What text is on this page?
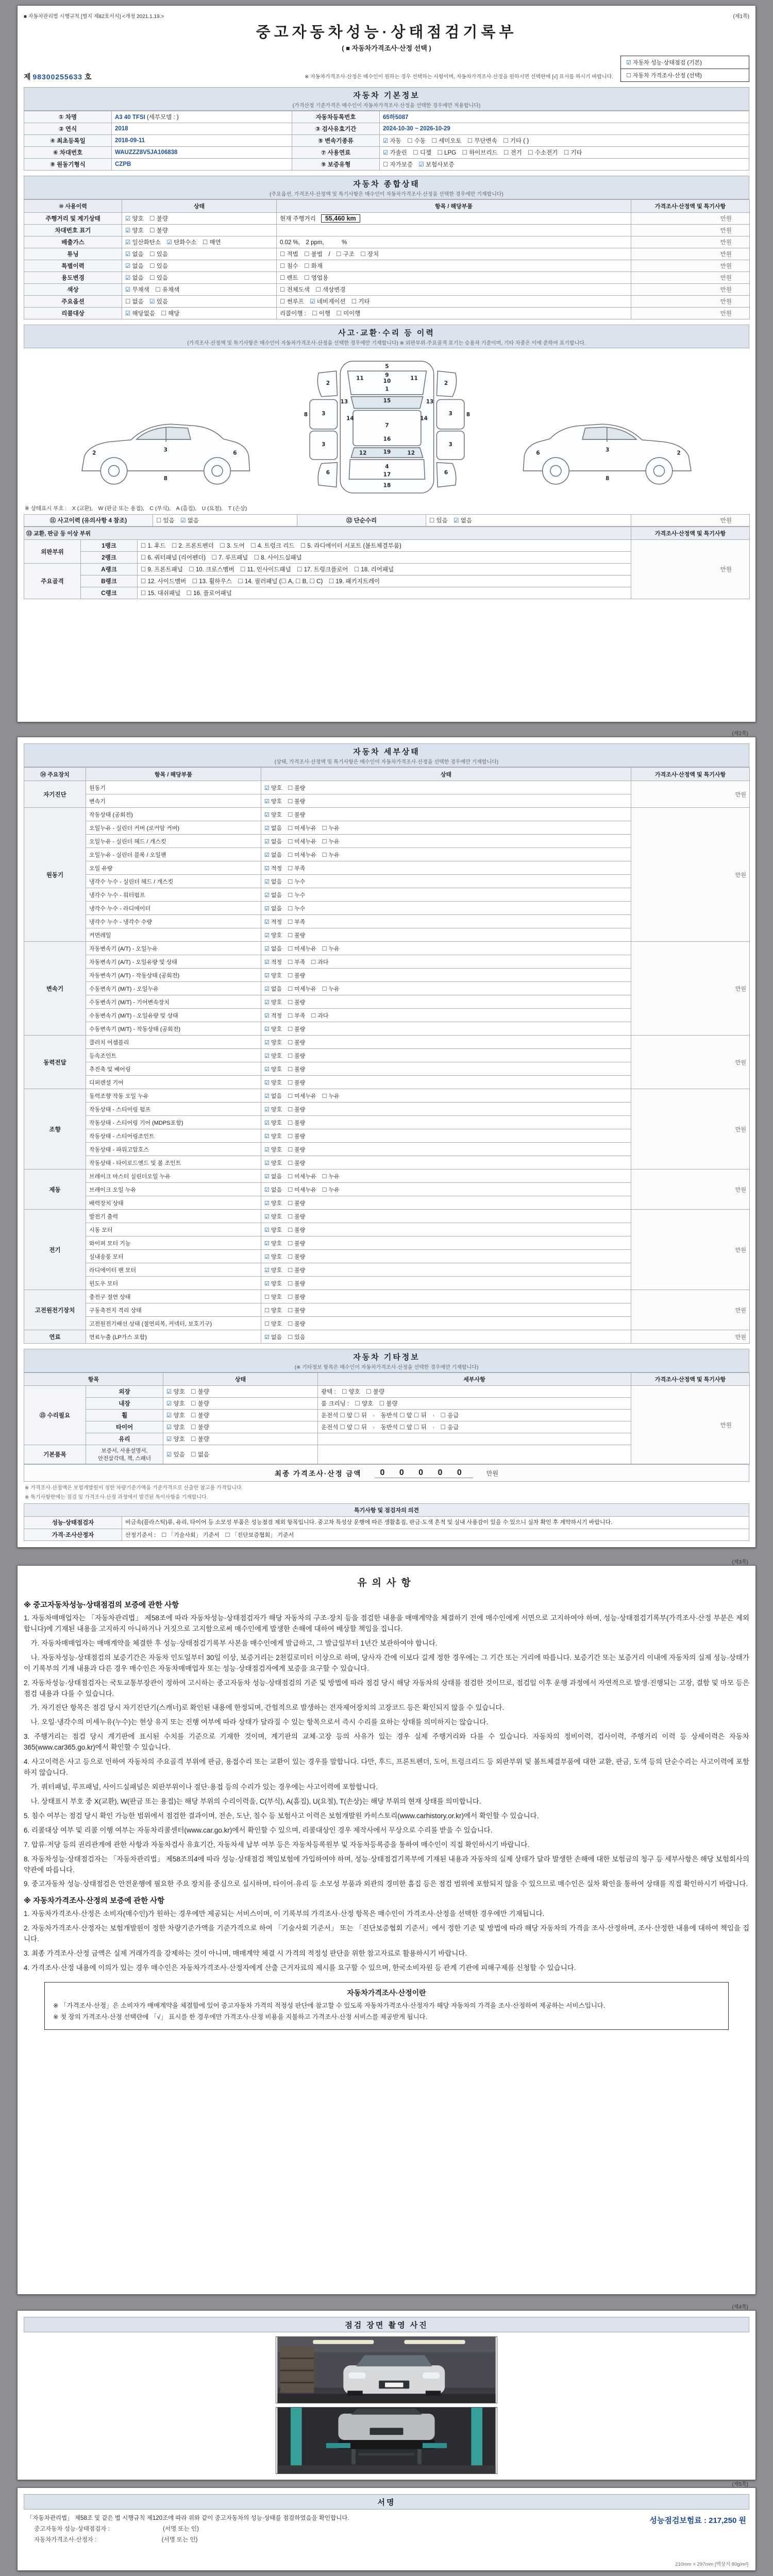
■ 자동차관리법 시행규칙 [별지 제82호서식] <개정 2021.1.19.>	(제1쪽)
중고자동차성능·상태점검기록부
( ■ 자동차가격조사·산정 선택 )
제 98300255633 호	※ 자동차가격조사·산정은 매수인이 원하는 경우 선택하는 사항이며, 자동차가격조사·산정을 원하시면 선택란에 [√] 표시를 하시기 바랍니다.
☑ 자동차 성능·상태점검 (기본)
☐ 자동차 가격조사·산정 (선택)
자동차 기본정보
(가격산정 기준가격은 매수인이 자동차가격조사·산정을 선택한 경우에만 적용합니다)
① 차명	A3 40 TFSI (세부모델 : )	자동차등록번호	65하5087
② 연식	2018	③ 검사유효기간	2024-10-30 ~ 2026-10-29
④ 최초등록일	2018-09-11	⑤ 변속기종류	☑ 자동　☐ 수동　☐ 세미오토　☐ 무단변속　☐ 기타 ( )
⑥ 차대번호	WAUZZZ8V5JA106838	⑦ 사용연료	☑ 가솔린　☐ 디젤　☐ LPG　☐ 하이브리드　☐ 전기　☐ 수소전기　☐ 기타
⑧ 원동기형식	CZPB	⑨ 보증유형	☐ 자가보증　☑ 보험사보증
자동차 종합상태
(주요옵션, 가격조사·산정액 및 특기사항은 매수인이 자동차가격조사·산정을 선택한 경우에만 기재합니다)
⑩ 사용이력	상태	항목 / 해당부품	가격조사·산정액 및 특기사항
주행거리 및 계기상태	☑ 양호　☐ 불량	현재 주행거리 55,460 km	만원
차대번호 표기	☑ 양호　☐ 불량		만원
배출가스	☑ 일산화탄소　☑ 탄화수소　☐ 매연	0.02 %,　2 ppm,　　　%	만원
튜닝	☑ 없음　☐ 있음	☐ 적법　☐ 불법　/　☐ 구조　☐ 장치	만원
특별이력	☑ 없음　☐ 있음	☐ 침수　☐ 화재	만원
용도변경	☑ 없음　☐ 있음	☐ 렌트　☐ 영업용	만원
색상	☑ 무채색　☐ 유채색	☐ 전체도색　☐ 색상변경	만원
주요옵션	☐ 없음　☑ 있음	☐ 썬루프　☑ 네비게이션　☐ 기타	만원
리콜대상	☑ 해당없음　☐ 해당	리콜이행 :　☐ 이행　☐ 미이행	만원
사고·교환·수리 등 이력
(가격조사·산정액 및 특기사항은 매수인이 자동차가격조사·산정을 선택한 경우에만 기재합니다) ※ 외판부위·주요골격 표기는 승용차 기준이며, 기타 차종은 이에 준하여 표기합니다.
2	3	6
8
2
3
6
8
5
9
10
11	11
1
2	2
13	13
15
3	3
3	3
14	14
8	8
7
16
12	12
19
6	6
4
17
18
※ 상태표시 부호 :　X (교환),　W (판금 또는 용접),　C (부식),　A (흠집),　U (요철),　T (손상)
⑪ 사고이력 (유의사항 4 참조)	☐ 있음　☑ 없음	⑫ 단순수리	☐ 있음　☑ 없음	만원
⑬ 교환, 판금 등 이상 부위			가격조사·산정액 및 특기사항
외판부위	1랭크	☐ 1. 후드　☐ 2. 프론트펜더　☐ 3. 도어　☐ 4. 트렁크 리드　☐ 5. 라디에이터 서포트 (볼트체결부품)	만원
	2랭크	☐ 6. 쿼터패널 (리어펜더)　☐ 7. 루프패널　☐ 8. 사이드실패널	
주요골격	A랭크	☐ 9. 프론트패널　☐ 10. 크로스멤버　☐ 11. 인사이드패널　☐ 17. 트렁크플로어　☐ 18. 리어패널	
	B랭크	☐ 12. 사이드멤버　☐ 13. 휠하우스　☐ 14. 필러패널 (☐ A, ☐ B, ☐ C)　☐ 19. 패키지트레이	
	C랭크	☐ 15. 대쉬패널　☐ 16. 플로어패널	
(제2쪽)
자동차 세부상태
(상태, 가격조사·산정액 및 특기사항은 매수인이 자동차가격조사·산정을 선택한 경우에만 기재합니다)
⑭ 주요장치	항목 / 해당부품	상태	가격조사·산정액 및 특기사항
자기진단	원동기	☑ 양호　☐ 불량	만원
	변속기	☑ 양호　☐ 불량	
원동기	작동상태 (공회전)	☑ 양호　☐ 불량	만원
	오일누유 - 실린더 커버 (로커암 커버)	☑ 없음　☐ 미세누유　☐ 누유	
	오일누유 - 실린더 헤드 / 개스킷	☑ 없음　☐ 미세누유　☐ 누유	
	오일누유 - 실린더 블록 / 오일팬	☑ 없음　☐ 미세누유　☐ 누유	
	오일 유량	☑ 적정　☐ 부족	
	냉각수 누수 - 실린더 헤드 / 개스킷	☑ 없음　☐ 누수	
	냉각수 누수 - 워터펌프	☑ 없음　☐ 누수	
	냉각수 누수 - 라디에이터	☑ 없음　☐ 누수	
	냉각수 누수 - 냉각수 수량	☑ 적정　☐ 부족	
	커먼레일	☑ 양호　☐ 불량	
변속기	자동변속기 (A/T) - 오일누유	☑ 없음　☐ 미세누유　☐ 누유	만원
	자동변속기 (A/T) - 오일유량 및 상태	☑ 적정　☐ 부족　☐ 과다	
	자동변속기 (A/T) - 작동상태 (공회전)	☑ 양호　☐ 불량	
	수동변속기 (M/T) - 오일누유	☑ 없음　☐ 미세누유　☐ 누유	
	수동변속기 (M/T) - 기어변속장치	☑ 양호　☐ 불량	
	수동변속기 (M/T) - 오일유량 및 상태	☑ 적정　☐ 부족　☐ 과다	
	수동변속기 (M/T) - 작동상태 (공회전)	☑ 양호　☐ 불량	
동력전달	클러치 어셈블리	☑ 양호　☐ 불량	만원
	등속조인트	☑ 양호　☐ 불량	
	추진축 및 베어링	☑ 양호　☐ 불량	
	디퍼렌셜 기어	☑ 양호　☐ 불량	
조향	동력조향 작동 오일 누유	☑ 없음　☐ 미세누유　☐ 누유	만원
	작동상태 - 스티어링 펌프	☑ 양호　☐ 불량	
	작동상태 - 스티어링 기어 (MDPS포함)	☑ 양호　☐ 불량	
	작동상태 - 스티어링조인트	☑ 양호　☐ 불량	
	작동상태 - 파워고압호스	☑ 양호　☐ 불량	
	작동상태 - 타이로드엔드 및 볼 조인트	☑ 양호　☐ 불량	
제동	브레이크 마스터 실린더오일 누유	☑ 없음　☐ 미세누유　☐ 누유	만원
	브레이크 오일 누유	☑ 없음　☐ 미세누유　☐ 누유	
	배력장치 상태	☑ 양호　☐ 불량	
전기	발전기 출력	☑ 양호　☐ 불량	만원
	시동 모터	☑ 양호　☐ 불량	
	와이퍼 모터 기능	☑ 양호　☐ 불량	
	실내송풍 모터	☑ 양호　☐ 불량	
	라디에이터 팬 모터	☑ 양호　☐ 불량	
	윈도우 모터	☑ 양호　☐ 불량	
고전원전기장치	충전구 절연 상태	☐ 양호　☐ 불량	만원
	구동축전지 격리 상태	☐ 양호　☐ 불량	
	고전원전기배선 상태 (절연피복, 커넥터, 보호기구)	☐ 양호　☐ 불량	
연료	연료누출 (LP가스 포함)	☑ 없음　☐ 있음	만원
자동차 기타정보
(※ 기타정보 항목은 매수인이 자동차가격조사·산정을 선택한 경우에만 기재합니다)
항목		상태	세부사항	가격조사·산정액 및 특기사항
⑮ 수리필요	외장	☑ 양호　☐ 불량	광택 :　☐ 양호　☐ 불량	만원
	내장	☑ 양호　☐ 불량	룸 크리닝 :　☐ 양호　☐ 불량	
	휠	☑ 양호　☐ 불량	운전석 ☐ 앞 ☐ 뒤　·　동반석 ☐ 앞 ☐ 뒤　·　☐ 응급	
	타이어	☑ 양호　☐ 불량	운전석 ☐ 앞 ☐ 뒤　·　동반석 ☐ 앞 ☐ 뒤　·　☐ 응급	
	유리	☑ 양호　☐ 불량		
기본품목	보증서, 사용설명서, 안전삼각대, 잭, 스패너	☑ 있음　☐ 없음		
최종 가격조사·산정 금액	0 0 0 0 0	만원
※ 가격조사·산정액은 보험개발원이 정한 차량기준가액을 기준가격으로 산출한 참고용 가격입니다.
※ 특기사항란에는 점검 및 가격조사·산정 과정에서 발견된 특이사항을 기재합니다.
특기사항 및 점검자의 의견	
성능·상태점검자	비금속(플라스틱)류, 유리, 타이어 등 소모성 부품은 성능점검 제외 항목입니다. 중고차 특성상 운행에 따른 생활흠집, 판금·도색 흔적 및 실내 사용감이 있을 수 있으니 실차 확인 후 계약하시기 바랍니다.
가격·조사산정자	산정기준서 :　☐ 「기술사회」 기준서　☐ 「진단보증협회」 기준서
(제3쪽)
유의사항
※ 중고자동차성능·상태점검의 보증에 관한 사항
1. 자동차매매업자는 「자동차관리법」 제58조에 따라 자동차성능·상태점검자가 해당 자동차의 구조·장치 등을 점검한 내용을 매매계약을 체결하기 전에 매수인에게 서면으로 고지하여야 하며, 성능·상태점검기록부(가격조사·산정 부분은 제외합니다)에 기재된 내용을 고지하지 아니하거나 거짓으로 고지함으로써 매수인에게 발생한 손해에 대하여 배상할 책임을 집니다.
　가. 자동차매매업자는 매매계약을 체결한 후 성능·상태점검기록부 사본을 매수인에게 발급하고, 그 발급일부터 1년간 보관하여야 합니다.
　나. 자동차성능·상태점검의 보증기간은 자동차 인도일부터 30일 이상, 보증거리는 2천킬로미터 이상으로 하며, 당사자 간에 이보다 길게 정한 경우에는 그 기간 또는 거리에 따릅니다. 보증기간 또는 보증거리 이내에 자동차의 실제 성능·상태가 이 기록부의 기재 내용과 다른 경우 매수인은 자동차매매업자 또는 성능·상태점검자에게 보증을 요구할 수 있습니다.
2. 자동차성능·상태점검자는 국토교통부장관이 정하여 고시하는 중고자동차 성능·상태점검의 기준 및 방법에 따라 점검 당시 해당 자동차의 상태를 점검한 것이므로, 점검일 이후 운행 과정에서 자연적으로 발생·진행되는 고장, 결함 및 마모 등은 점검 내용과 다를 수 있습니다.
　가. 자기진단 항목은 점검 당시 자기진단기(스캐너)로 확인된 내용에 한정되며, 간헐적으로 발생하는 전자제어장치의 고장코드 등은 확인되지 않을 수 있습니다.
　나. 오일·냉각수의 미세누유(누수)는 현상 유지 또는 진행 여부에 따라 상태가 달라질 수 있는 항목으로서 즉시 수리를 요하는 상태를 의미하지는 않습니다.
3. 주행거리는 점검 당시 계기판에 표시된 수치를 기준으로 기재한 것이며, 계기판의 교체·고장 등의 사유가 있는 경우 실제 주행거리와 다를 수 있습니다. 자동차의 정비이력, 검사이력, 주행거리 이력 등 상세이력은 자동차365(www.car365.go.kr)에서 확인할 수 있습니다.
4. 사고이력은 사고 등으로 인하여 자동차의 주요골격 부위에 판금, 용접수리 또는 교환이 있는 경우를 말합니다. 다만, 후드, 프론트펜더, 도어, 트렁크리드 등 외판부위 및 볼트체결부품에 대한 교환, 판금, 도색 등의 단순수리는 사고이력에 포함하지 않습니다.
　가. 쿼터패널, 루프패널, 사이드실패널은 외판부위이나 절단·용접 등의 수리가 있는 경우에는 사고이력에 포함합니다.
　나. 상태표시 부호 중 X(교환), W(판금 또는 용접)는 해당 부위의 수리이력을, C(부식), A(흠집), U(요철), T(손상)는 해당 부위의 현재 상태를 의미합니다.
5. 침수 여부는 점검 당시 확인 가능한 범위에서 점검한 결과이며, 전손, 도난, 침수 등 보험사고 이력은 보험개발원 카히스토리(www.carhistory.or.kr)에서 확인할 수 있습니다.
6. 리콜대상 여부 및 리콜 이행 여부는 자동차리콜센터(www.car.go.kr)에서 확인할 수 있으며, 리콜대상인 경우 제작사에서 무상으로 수리를 받을 수 있습니다.
7. 압류·저당 등의 권리관계에 관한 사항과 자동차검사 유효기간, 자동차세 납부 여부 등은 자동차등록원부 및 자동차등록증을 통하여 매수인이 직접 확인하시기 바랍니다.
8. 자동차성능·상태점검자는 「자동차관리법」 제58조의4에 따라 성능·상태점검 책임보험에 가입하여야 하며, 성능·상태점검기록부에 기재된 내용과 자동차의 실제 상태가 달라 발생한 손해에 대한 보험금의 청구 등 세부사항은 해당 보험회사의 약관에 따릅니다.
9. 중고자동차 성능·상태점검은 안전운행에 필요한 주요 장치를 중심으로 실시하며, 타이어·유리 등 소모성 부품과 외관의 경미한 흠집 등은 점검 범위에 포함되지 않을 수 있으므로 매수인은 실차 확인을 통하여 상태를 직접 확인하시기 바랍니다.
※ 자동차가격조사·산정의 보증에 관한 사항
1. 자동차가격조사·산정은 소비자(매수인)가 원하는 경우에만 제공되는 서비스이며, 이 기록부의 가격조사·산정 항목은 매수인이 가격조사·산정을 선택한 경우에만 기재됩니다.
2. 자동차가격조사·산정자는 보험개발원이 정한 차량기준가액을 기준가격으로 하여 「기술사회 기준서」 또는 「진단보증협회 기준서」에서 정한 기준 및 방법에 따라 해당 자동차의 가격을 조사·산정하며, 조사·산정한 내용에 대하여 책임을 집니다.
3. 최종 가격조사·산정 금액은 실제 거래가격을 강제하는 것이 아니며, 매매계약 체결 시 가격의 적정성 판단을 위한 참고자료로 활용하시기 바랍니다.
4. 가격조사·산정 내용에 이의가 있는 경우 매수인은 자동차가격조사·산정자에게 산출 근거자료의 제시를 요구할 수 있으며, 한국소비자원 등 관계 기관에 피해구제를 신청할 수 있습니다.
자동차가격조사·산정이란
※ 「가격조사·산정」은 소비자가 매매계약을 체결함에 있어 중고자동차 가격의 적정성 판단에 참고할 수 있도록 자동차가격조사·산정자가 해당 자동차의 가격을 조사·산정하여 제공하는 서비스입니다.
※ 첫 장의 가격조사·산정 선택란에 「√」 표시를 한 경우에만 가격조사·산정 비용을 지불하고 가격조사·산정 서비스를 제공받게 됩니다.
(제4쪽)
점검 장면 촬영 사진
(제5쪽)
서명
「자동차관리법」 제58조 및 같은 법 시행규칙 제120조에 따라 위와 같이 중고자동차의 성능·상태를 점검하였음을 확인합니다.
중고자동차 성능·상태점검자 :　　　　　　　　　(서명 또는 인)
자동차가격조사·산정자 :　　　　　　　　　　　(서명 또는 인)
성능점검보험료 : 217,250 원
210mm × 297mm [백상지 80g/m²]
